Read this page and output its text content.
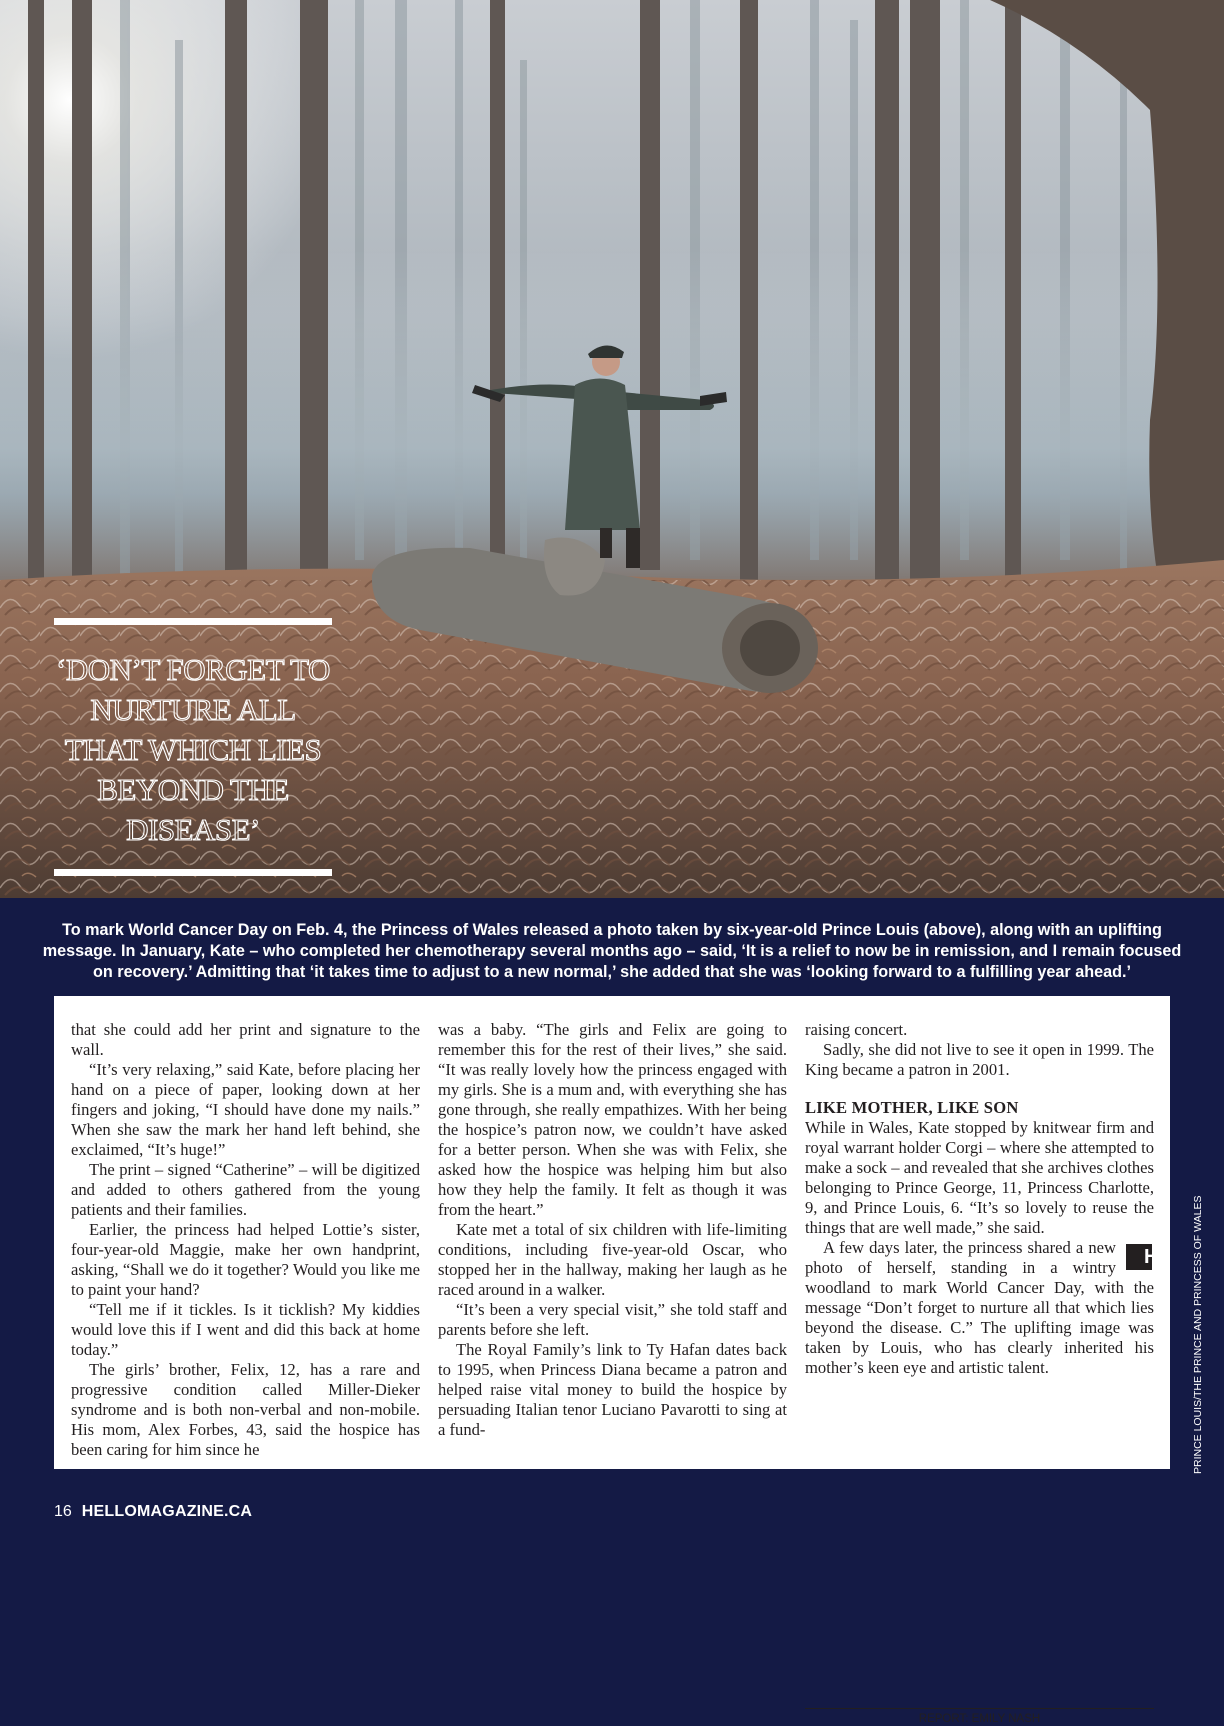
‘DON’T FORGET TO NURTURE ALL THAT WHICH LIES BEYOND THE DISEASE’

To mark World Cancer Day on Feb. 4, the Princess of Wales released a photo taken by six-year-old Prince Louis (above), along with an uplifting message. In January, Kate – who completed her chemotherapy several months ago – said, ‘It is a relief to now be in remission, and I remain focused on recovery.’ Admitting that ‘it takes time to adjust to a new normal,’ she added that she was ‘looking forward to a fulfilling year ahead.’

that she could add her print and signature to the wall.

“It’s very relaxing,” said Kate, before placing her hand on a piece of paper, looking down at her fingers and joking, “I should have done my nails.” When she saw the mark her hand left behind, she exclaimed, “It’s huge!”

The print – signed “Catherine” – will be digitized and added to others gathered from the young patients and their families.

Earlier, the princess had helped Lottie’s sister, four-year-old Maggie, make her own handprint, asking, “Shall we do it together? Would you like me to paint your hand?

“Tell me if it tickles. Is it ticklish? My kiddies would love this if I went and did this back at home today.”

The girls’ brother, Felix, 12, has a rare and progressive condition called Miller-Dieker syndrome and is both non-verbal and non-mobile. His mom, Alex Forbes, 43, said the hospice has been caring for him since he

was a baby. “The girls and Felix are going to remember this for the rest of their lives,” she said. “It was really lovely how the princess engaged with my girls. She is a mum and, with everything she has gone through, she really empathizes. With her being the hospice’s patron now, we couldn’t have asked for a better person. When she was with Felix, she asked how the hospice was helping him but also how they help the family. It felt as though it was from the heart.”

Kate met a total of six children with life-limiting conditions, including five-year-old Oscar, who stopped her in the hallway, making her laugh as he raced around in a walker.

“It’s been a very special visit,” she told staff and parents before she left.

The Royal Family’s link to Ty Hafan dates back to 1995, when Princess Diana became a patron and helped raise vital money to build the hospice by persuading Italian tenor Luciano Pavarotti to sing at a fund-

raising concert.

Sadly, she did not live to see it open in 1999. The King became a patron in 2001.

LIKE MOTHER, LIKE SON

While in Wales, Kate stopped by knitwear firm and royal warrant holder Corgi – where she attempted to make a sock – and revealed that she archives clothes belonging to Prince George, 11, Princess Charlotte, 9, and Prince Louis, 6. “It’s so lovely to reuse the things that are well made,” she said.

H
A few days later, the princess shared a new photo of herself, standing in a wintry woodland to mark World Cancer Day, with the message “Don’t forget to nurture all that which lies beyond the disease. C.” The uplifting image was taken by Louis, who has clearly inherited his mother’s keen eye and artistic talent.

REPORT: EMILY NASH
16 HELLOMAGAZINE.CA
PRINCE LOUIS/THE PRINCE AND PRINCESS OF WALES
